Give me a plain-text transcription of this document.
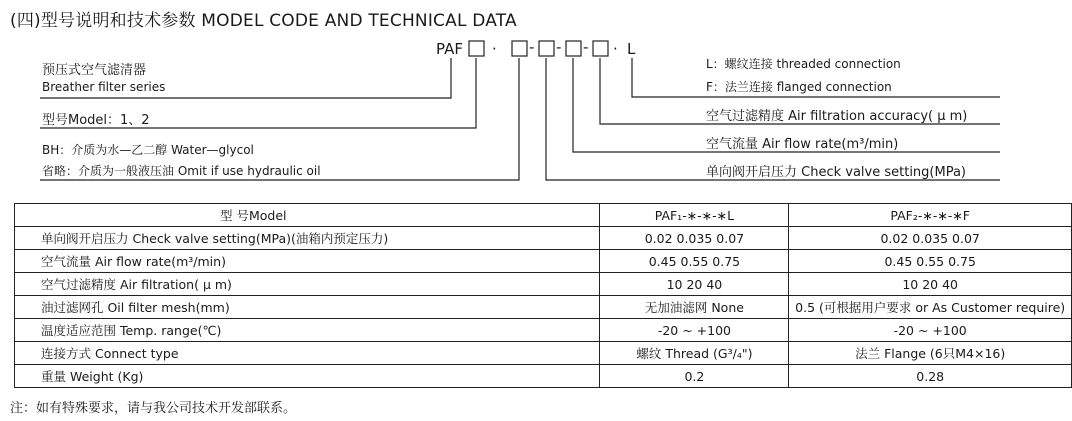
(四)型号说明和技术参数 MODEL CODE AND TECHNICAL DATA
PAF · - - - · L
预压式空气滤清器
Breather filter series
型号Model：1、2
BH：介质为水—乙二醇 Water—glycol
省略：介质为一般液压油 Omit if use hydraulic oil
L：螺纹连接 threaded connection
F：法兰连接 flanged connection
空气过滤精度 Air filtration accuracy( μ m)
空气流量 Air flow rate(m³/min)
单向阀开启压力 Check valve setting(MPa)
型 号Model	PAF₁-∗-∗-∗L	PAF₂-∗-∗-∗F
单向阀开启压力 Check valve setting(MPa)(油箱内预定压力)	0.02 0.035 0.07	0.02 0.035 0.07
空气流量 Air flow rate(m³/min)	0.45 0.55 0.75	0.45 0.55 0.75
空气过滤精度 Air filtration( μ m)	10 20 40	10 20 40
油过滤网孔 Oil filter mesh(mm)	无加油滤网 None	0.5 (可根据用户要求 or As Customer require)
温度适应范围 Temp. range(℃)	-20 ~ +100	-20 ~ +100
连接方式 Connect type	螺纹 Thread (G³/₄")	法兰 Flange (6只M4×16)
重量 Weight (Kg)	0.2	0.28
注：如有特殊要求，请与我公司技术开发部联系。
